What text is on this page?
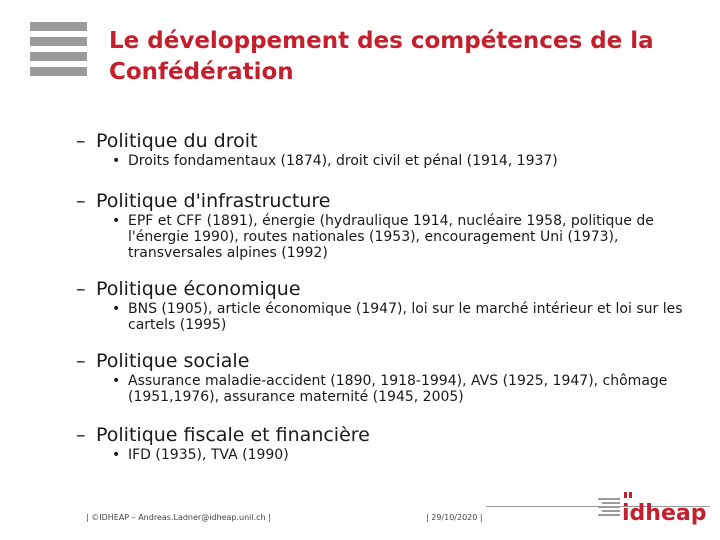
Le développement des compétences de la Confédération
– Politique du droit
• Droits fondamentaux (1874), droit civil et pénal (1914, 1937)
– Politique d'infrastructure
• EPF et CFF (1891), énergie (hydraulique 1914, nucléaire 1958, politique de l'énergie 1990), routes nationales (1953), encouragement Uni (1973), transversales alpines (1992)
– Politique économique
• BNS (1905), article économique (1947), loi sur le marché intérieur et loi sur les cartels (1995)
– Politique sociale
• Assurance maladie-accident (1890, 1918-1994), AVS (1925, 1947), chômage (1951,1976), assurance maternité (1945, 2005)
– Politique fiscale et financière
• IFD (1935), TVA (1990)
| ©IDHEAP – Andreas.Ladner@idheap.unil.ch |	| 29/10/2020 |	idheap
